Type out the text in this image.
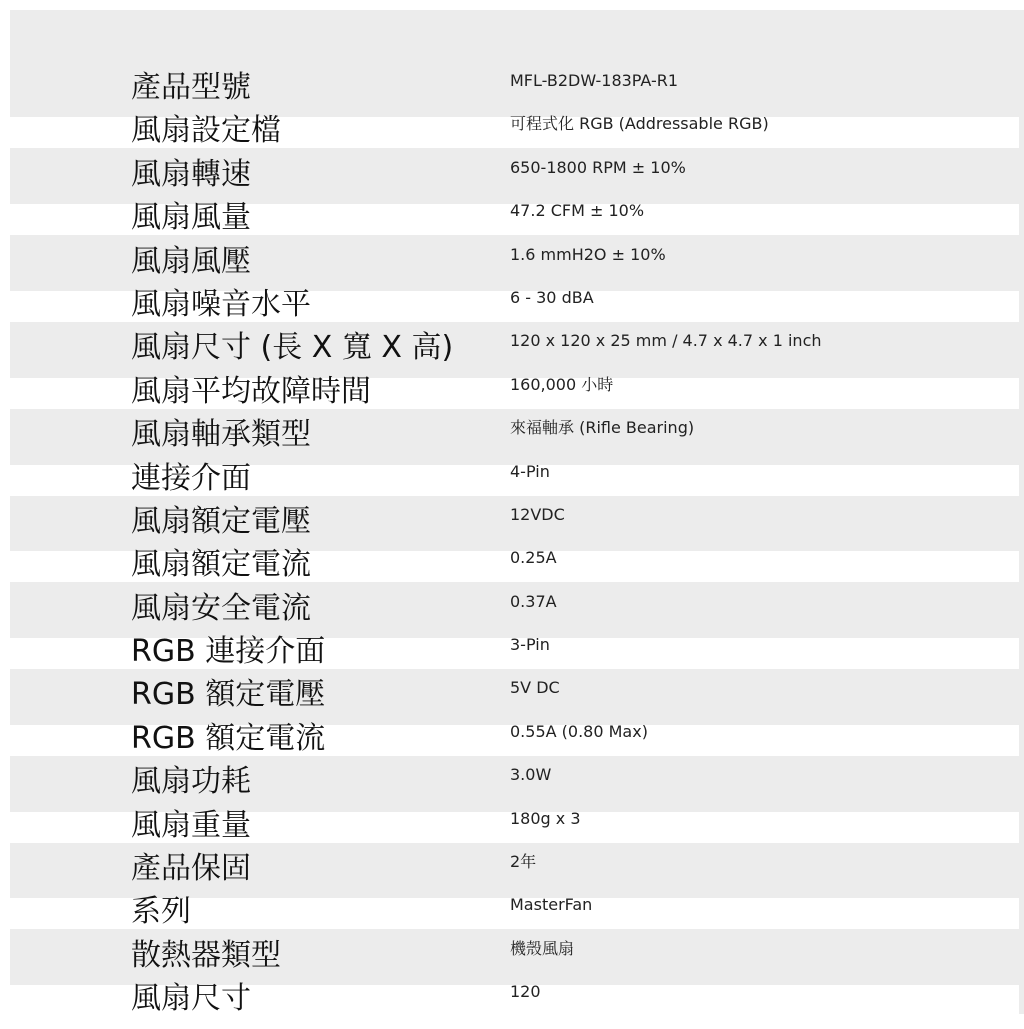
產品型號	MFL-B2DW-183PA-R1
風扇設定檔	可程式化 RGB (Addressable RGB)
風扇轉速	650-1800 RPM ± 10%
風扇風量	47.2 CFM ± 10%
風扇風壓	1.6 mmH2O ± 10%
風扇噪音水平	6 - 30 dBA
風扇尺寸 (長 X 寬 X 高)	120 x 120 x 25 mm / 4.7 x 4.7 x 1 inch
風扇平均故障時間	160,000 小時
風扇軸承類型	來福軸承 (Rifle Bearing)
連接介面	4-Pin
風扇額定電壓	12VDC
風扇額定電流	0.25A
風扇安全電流	0.37A
RGB 連接介面	3-Pin
RGB 額定電壓	5V DC
RGB 額定電流	0.55A (0.80 Max)
風扇功耗	3.0W
風扇重量	180g x 3
產品保固	2年
系列	MasterFan
散熱器類型	機殼風扇
風扇尺寸	120
